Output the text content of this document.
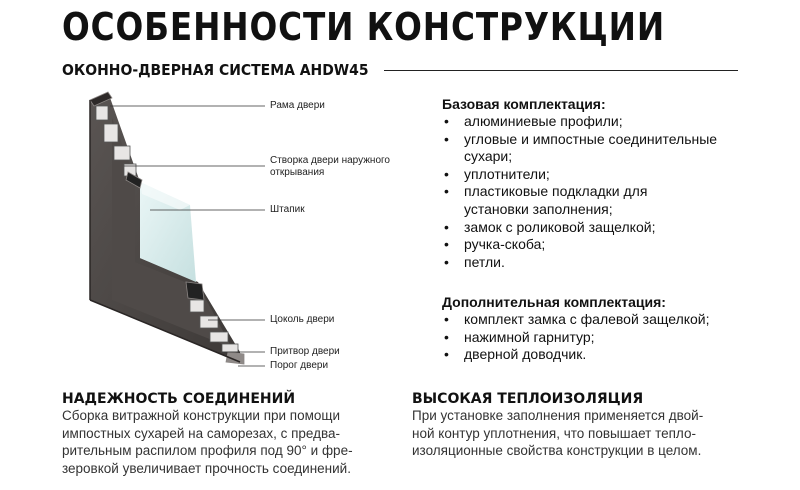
ОСОБЕННОСТИ КОНСТРУКЦИИ
ОКОННО-ДВЕРНАЯ СИСТЕМА AHDW45
Рама двери
Створка двери наружного
открывания
Штапик
Цоколь двери
Притвор двери
Порог двери
Базовая комплектация:
• алюминиевые профили;
• угловые и импостные соединительные
сухари;
• уплотнители;
• пластиковые подкладки для
установки заполнения;
• замок с роликовой защелкой;
• ручка-скоба;
• петли.
Дополнительная комплектация:
• комплект замка с фалевой защелкой;
• нажимной гарнитур;
• дверной доводчик.
НАДЕЖНОСТЬ СОЕДИНЕНИЙ
Сборка витражной конструкции при помощи
импостных сухарей на саморезах, с предва-
рительным распилом профиля под 90° и фре-
зеровкой увеличивает прочность соединений.
ВЫСОКАЯ ТЕПЛОИЗОЛЯЦИЯ
При установке заполнения применяется двой-
ной контур уплотнения, что повышает тепло-
изоляционные свойства конструкции в целом.
